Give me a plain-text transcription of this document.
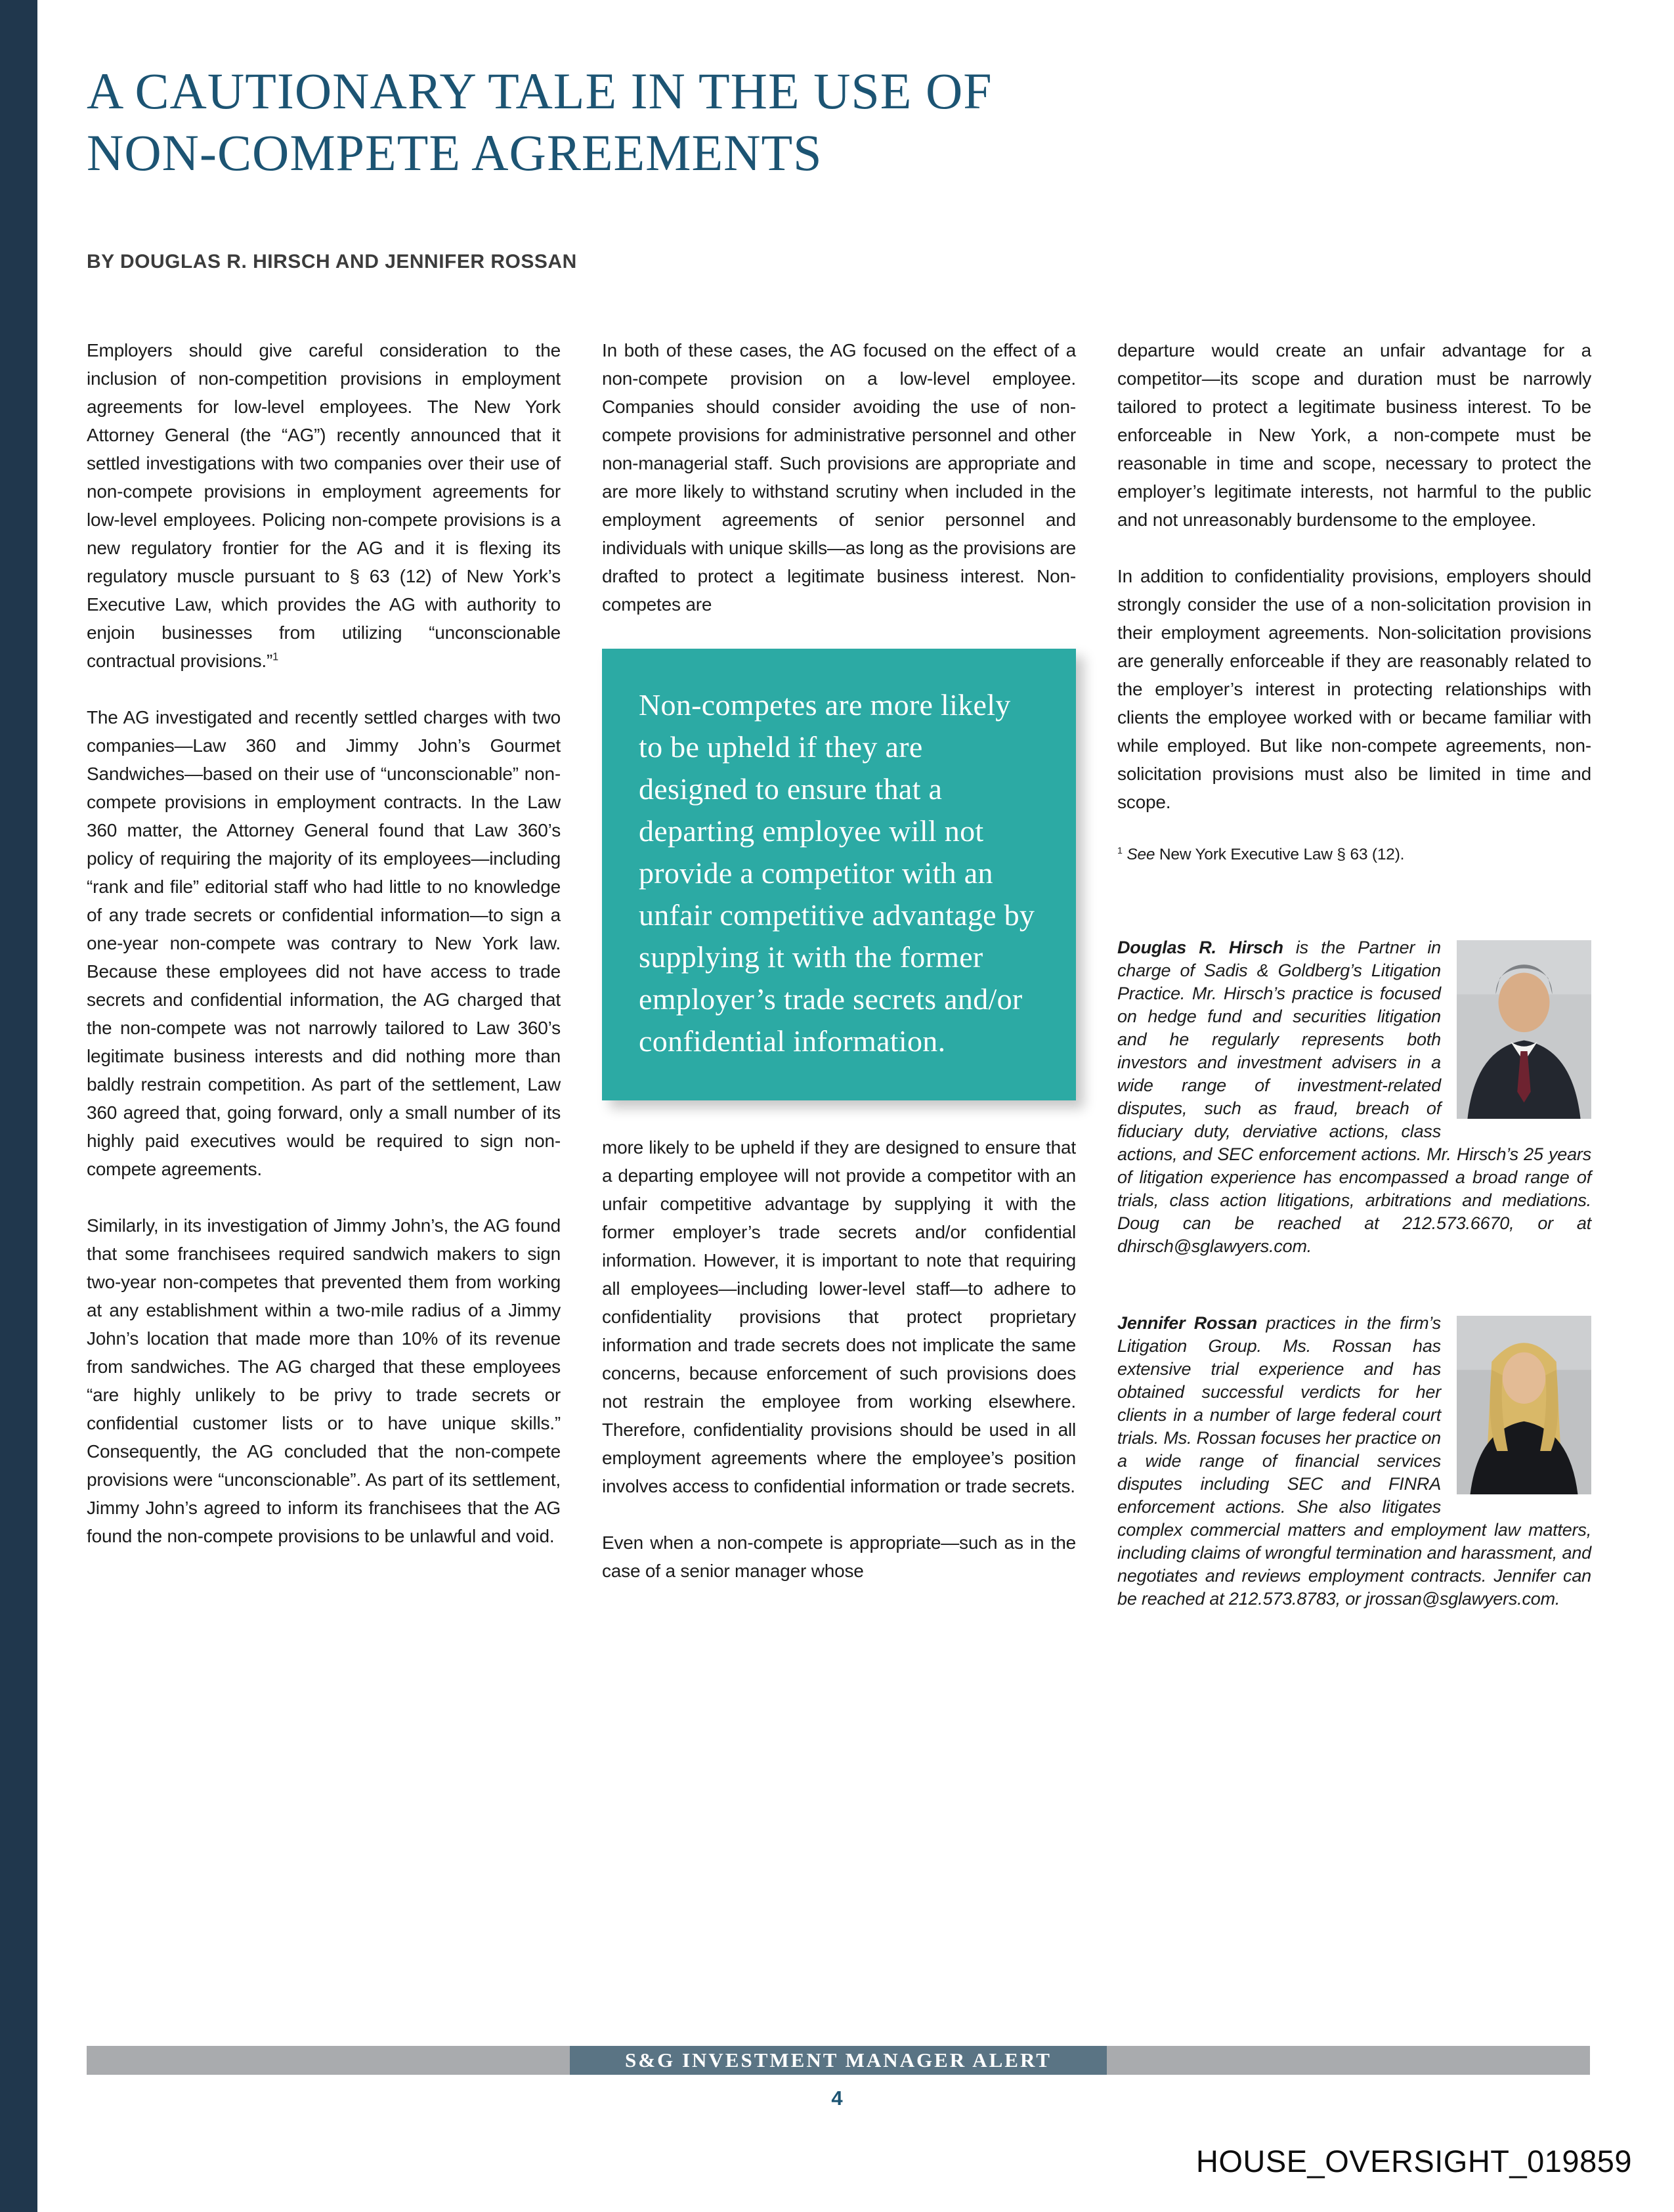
A CAUTIONARY TALE IN THE USE OF
NON-COMPETE AGREEMENTS
BY DOUGLAS R. HIRSCH AND JENNIFER ROSSAN

Employers should give careful consideration to the inclusion of non-competition provisions in employment agreements for low-level employees. The New York Attorney General (the “AG”) recently announced that it settled investigations with two companies over their use of non-compete provisions in employment agreements for low-level employees. Policing non-compete provisions is a new regulatory frontier for the AG and it is flexing its regulatory muscle pursuant to § 63 (12) of New York’s Executive Law, which provides the AG with authority to enjoin businesses from utilizing “unconscionable contractual provisions.”$^1$

The AG investigated and recently settled charges with two companies—Law 360 and Jimmy John’s Gourmet Sandwiches—based on their use of “unconscionable” non-compete provisions in employment contracts. In the Law 360 matter, the Attorney General found that Law 360’s policy of requiring the majority of its employees—including “rank and file” editorial staff who had little to no knowledge of any trade secrets or confidential information—to sign a one-year non-compete was contrary to New York law. Because these employees did not have access to trade secrets and confidential information, the AG charged that the non-compete was not narrowly tailored to Law 360’s legitimate business interests and did nothing more than baldly restrain competition. As part of the settlement, Law 360 agreed that, going forward, only a small number of its highly paid executives would be required to sign non-compete agreements.

Similarly, in its investigation of Jimmy John’s, the AG found that some franchisees required sandwich makers to sign two-year non-competes that prevented them from working at any establishment within a two-mile radius of a Jimmy John’s location that made more than 10% of its revenue from sandwiches. The AG charged that these employees “are highly unlikely to be privy to trade secrets or confidential customer lists or to have unique skills.” Consequently, the AG concluded that the non-compete provisions were “unconscionable”. As part of its settlement, Jimmy John’s agreed to inform its franchisees that the AG found the non-compete provisions to be unlawful and void.

In both of these cases, the AG focused on the effect of a non-compete provision on a low-level employee. Companies should consider avoiding the use of non-compete provisions for administrative personnel and other non-managerial staff. Such provisions are appropriate and are more likely to withstand scrutiny when included in the employment agreements of senior personnel and individuals with unique skills—as long as the provisions are drafted to protect a legitimate business interest. Non-competes are

Non-competes are more likely to be upheld if they are designed to ensure that a departing employee will not provide a competitor with an unfair competitive advantage by supplying it with the former employer’s trade secrets and/or confidential information.

more likely to be upheld if they are designed to ensure that a departing employee will not provide a competitor with an unfair competitive advantage by supplying it with the former employer’s trade secrets and/or confidential information. However, it is important to note that requiring all employees—including lower-level staff—to adhere to confidentiality provisions that protect proprietary information and trade secrets does not implicate the same concerns, because enforcement of such provisions does not restrain the employee from working elsewhere. Therefore, confidentiality provisions should be used in all employment agreements where the employee’s position involves access to confidential information or trade secrets.

Even when a non-compete is appropriate—such as in the case of a senior manager whose

departure would create an unfair advantage for a competitor—its scope and duration must be narrowly tailored to protect a legitimate business interest. To be enforceable in New York, a non-compete must be reasonable in time and scope, necessary to protect the employer’s legitimate interests, not harmful to the public and not unreasonably burdensome to the employee.

In addition to confidentiality provisions, employers should strongly consider the use of a non-solicitation provision in their employment agreements. Non-solicitation provisions are generally enforceable if they are reasonably related to the employer’s interest in protecting relationships with clients the employee worked with or became familiar with while employed. But like non-compete agreements, non-solicitation provisions must also be limited in time and scope.

$^1$ See New York Executive Law § 63 (12).

Douglas R. Hirsch is the Partner in charge of Sadis & Goldberg’s Litigation Practice. Mr. Hirsch’s practice is focused on hedge fund and securities litigation and he regularly represents both investors and investment advisers in a wide range of investment-related disputes, such as fraud, breach of fiduciary duty, derviative actions, class actions, and SEC enforcement actions. Mr. Hirsch’s 25 years of litigation experience has encompassed a broad range of trials, class action litigations, arbitrations and mediations. Doug can be reached at 212.573.6670, or at dhirsch@sglawyers.com.
Jennifer Rossan practices in the firm’s Litigation Group. Ms. Rossan has extensive trial experience and has obtained successful verdicts for her clients in a number of large federal court trials. Ms. Rossan focuses her practice on a wide range of financial services disputes including SEC and FINRA enforcement actions. She also litigates complex commercial matters and employment law matters, including claims of wrongful termination and harassment, and negotiates and reviews employment contracts. Jennifer can be reached at 212.573.8783, or jrossan@sglawyers.com.
S&G INVESTMENT MANAGER ALERT
4
HOUSE_OVERSIGHT_019859
